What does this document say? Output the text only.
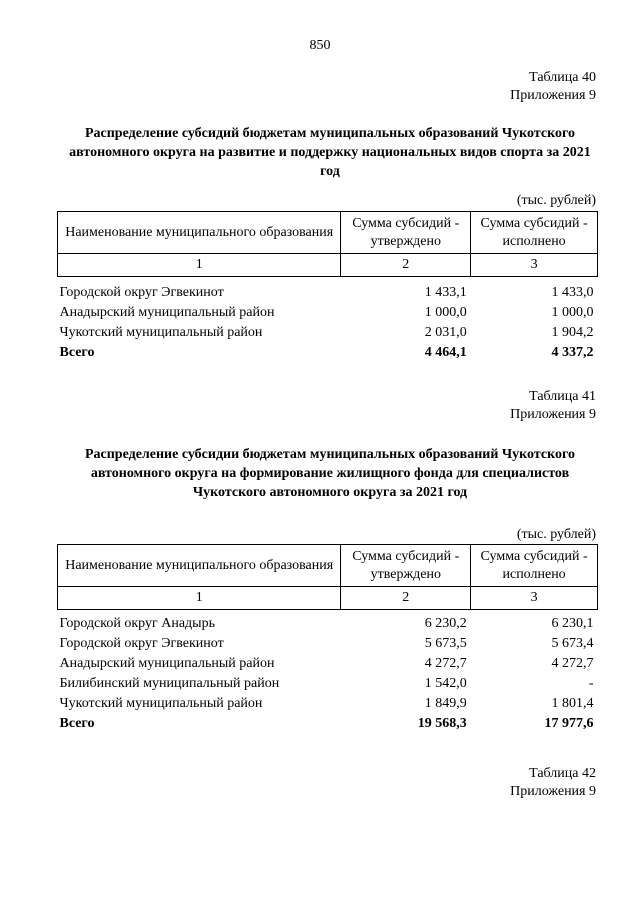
850
Таблица 40
Приложения 9
Распределение субсидий бюджетам муниципальных образований Чукотского автономного округа на развитие и поддержку национальных видов спорта за 2021 год
(тыс. рублей)
Наименование муниципального образования	Сумма субсидий - утверждено	Сумма субсидий - исполнено
1	2	3

Городской округ Эгвекинот	1 433,1	1 433,0
Анадырский муниципальный район	1 000,0	1 000,0
Чукотский муниципальный район	2 031,0	1 904,2
Всего	4 464,1	4 337,2
Таблица 41
Приложения 9
Распределение субсидии бюджетам муниципальных образований Чукотского автономного округа на формирование жилищного фонда для специалистов Чукотского автономного округа за 2021 год
(тыс. рублей)
Наименование муниципального образования	Сумма субсидий - утверждено	Сумма субсидий - исполнено
1	2	3

Городской округ Анадырь	6 230,2	6 230,1
Городской округ Эгвекинот	5 673,5	5 673,4
Анадырский муниципальный район	4 272,7	4 272,7
Билибинский муниципальный район	1 542,0	-
Чукотский муниципальный район	1 849,9	1 801,4
Всего	19 568,3	17 977,6
Таблица 42
Приложения 9
